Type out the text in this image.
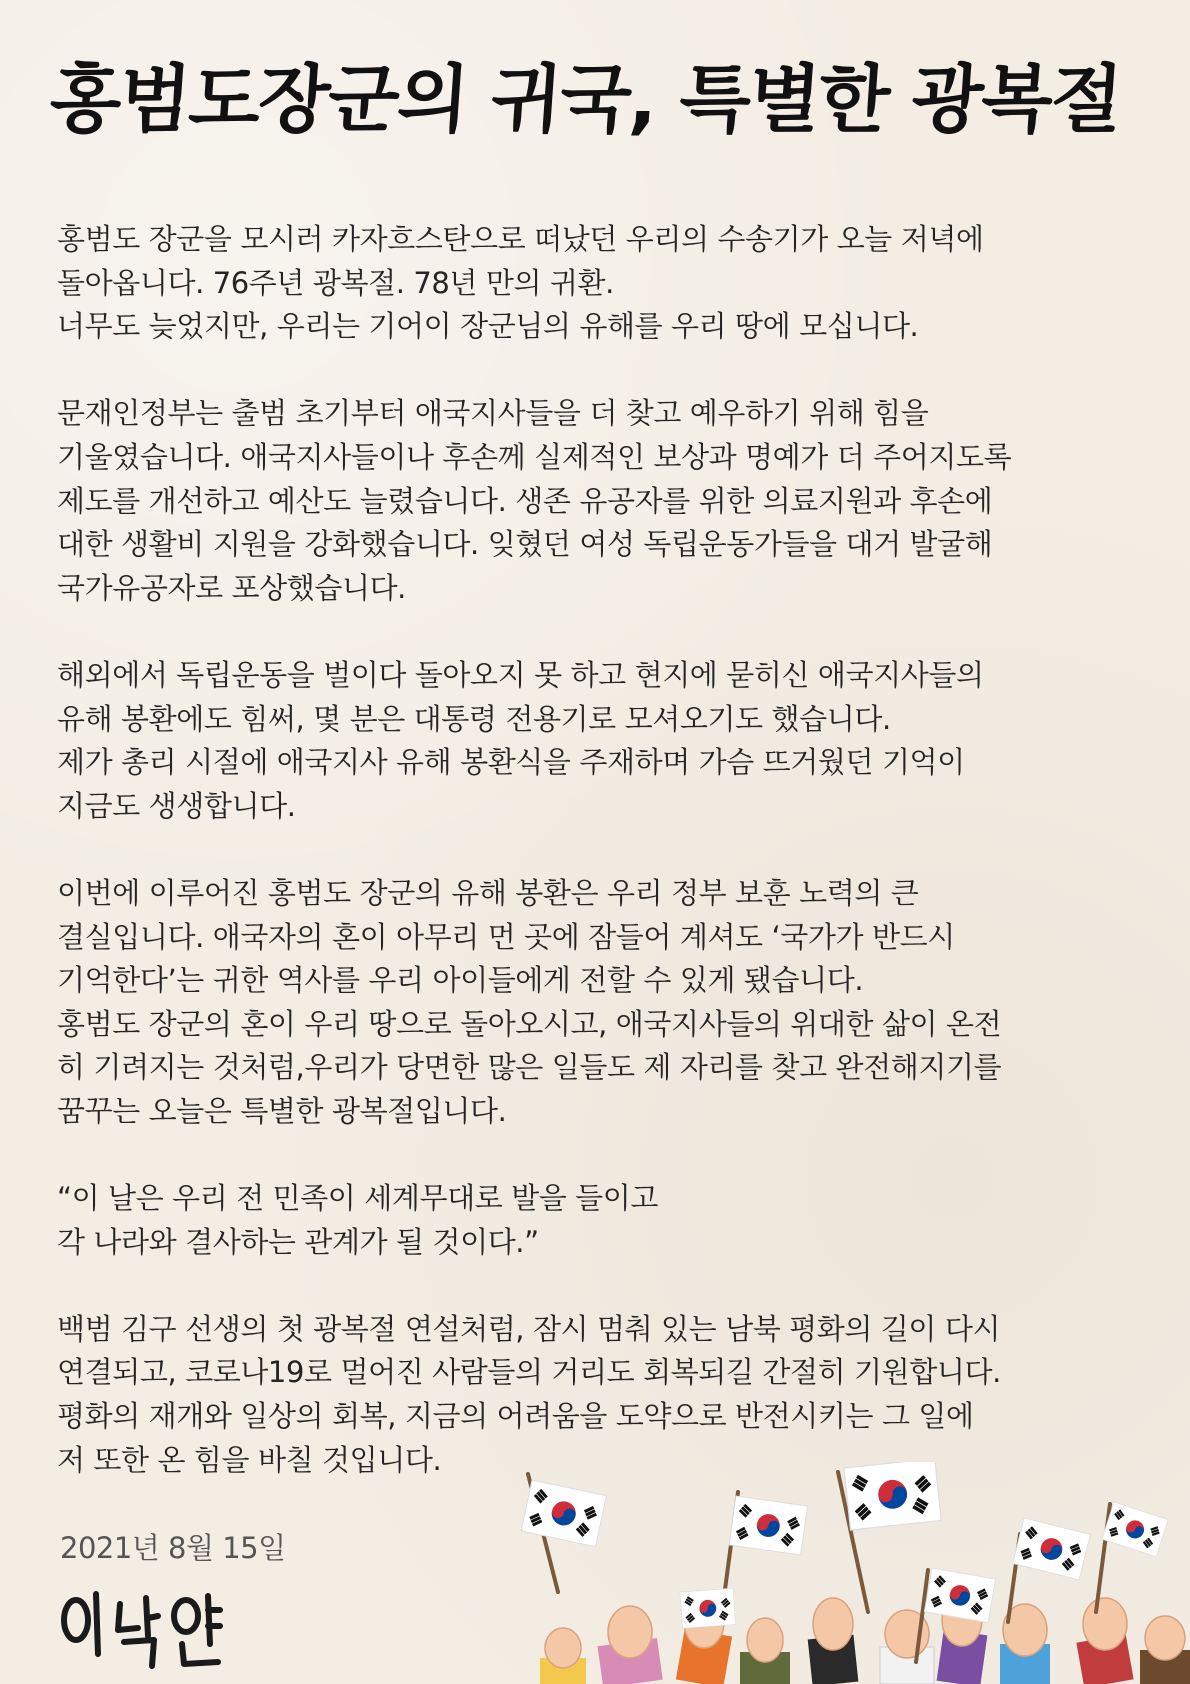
홍범도장군의 귀국, 특별한 광복절
홍범도 장군을 모시러 카자흐스탄으로 떠났던 우리의 수송기가 오늘 저녁에
돌아옵니다. 76주년 광복절. 78년 만의 귀환.
너무도 늦었지만, 우리는 기어이 장군님의 유해를 우리 땅에 모십니다.
문재인정부는 출범 초기부터 애국지사들을 더 찾고 예우하기 위해 힘을
기울였습니다. 애국지사들이나 후손께 실제적인 보상과 명예가 더 주어지도록
제도를 개선하고 예산도 늘렸습니다. 생존 유공자를 위한 의료지원과 후손에
대한 생활비 지원을 강화했습니다. 잊혔던 여성 독립운동가들을 대거 발굴해
국가유공자로 포상했습니다.
해외에서 독립운동을 벌이다 돌아오지 못 하고 현지에 묻히신 애국지사들의
유해 봉환에도 힘써, 몇 분은 대통령 전용기로 모셔오기도 했습니다.
제가 총리 시절에 애국지사 유해 봉환식을 주재하며 가슴 뜨거웠던 기억이
지금도 생생합니다.
이번에 이루어진 홍범도 장군의 유해 봉환은 우리 정부 보훈 노력의 큰
결실입니다. 애국자의 혼이 아무리 먼 곳에 잠들어 계셔도 ‘국가가 반드시
기억한다’는 귀한 역사를 우리 아이들에게 전할 수 있게 됐습니다.
홍범도 장군의 혼이 우리 땅으로 돌아오시고, 애국지사들의 위대한 삶이 온전
히 기려지는 것처럼,우리가 당면한 많은 일들도 제 자리를 찾고 완전해지기를
꿈꾸는 오늘은 특별한 광복절입니다.
“이 날은 우리 전 민족이 세계무대로 발을 들이고
각 나라와 결사하는 관계가 될 것이다.”
백범 김구 선생의 첫 광복절 연설처럼, 잠시 멈춰 있는 남북 평화의 길이 다시
연결되고, 코로나19로 멀어진 사람들의 거리도 회복되길 간절히 기원합니다.
평화의 재개와 일상의 회복, 지금의 어려움을 도약으로 반전시키는 그 일에
저 또한 온 힘을 바칠 것입니다.
2021년 8월 15일
